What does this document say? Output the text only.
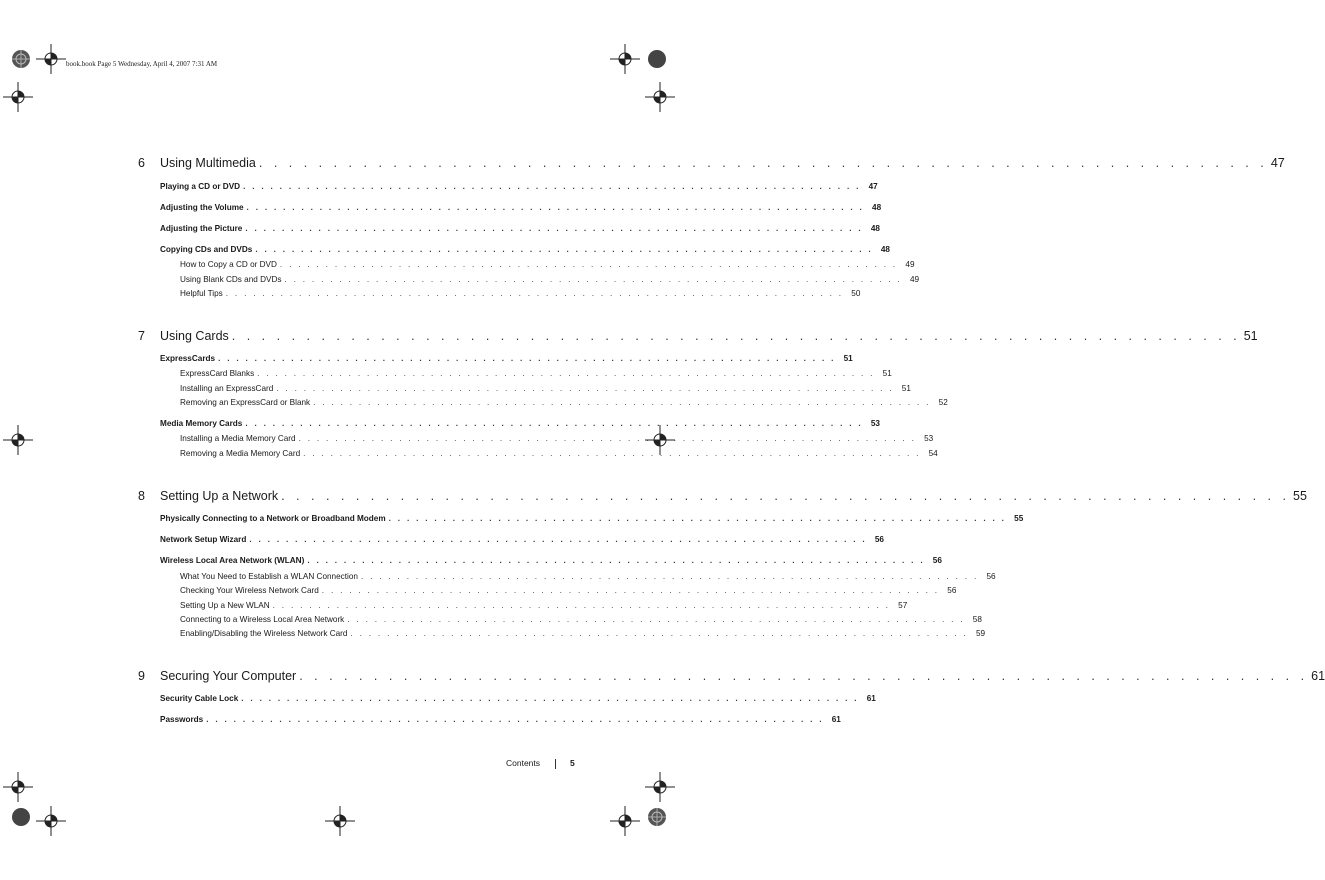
book.book Page 5 Wednesday, April 4, 2007 7:31 AM
6	Using Multimedia . . . . . . . . . . . . . . . . . . . . . . . . . . . . . . . . . . . . . . . . . . . . . . . . . . . . . . . . . . . . . . . . . . . . 47
Playing a CD or DVD . . . . . . . . . . . . . . . . . . . . . . . . . . . . . . . . . . . . . . . . . . . . . . . . . . . . . . . . . . . . . . . . . . . . 47
Adjusting the Volume . . . . . . . . . . . . . . . . . . . . . . . . . . . . . . . . . . . . . . . . . . . . . . . . . . . . . . . . . . . . . . . . . . . . 48
Adjusting the Picture . . . . . . . . . . . . . . . . . . . . . . . . . . . . . . . . . . . . . . . . . . . . . . . . . . . . . . . . . . . . . . . . . . . . 48
Copying CDs and DVDs . . . . . . . . . . . . . . . . . . . . . . . . . . . . . . . . . . . . . . . . . . . . . . . . . . . . . . . . . . . . . . . . . . . . 48
How to Copy a CD or DVD . . . . . . . . . . . . . . . . . . . . . . . . . . . . . . . . . . . . . . . . . . . . . . . . . . . . . . . . . . . . . . . . . . . . 49
Using Blank CDs and DVDs . . . . . . . . . . . . . . . . . . . . . . . . . . . . . . . . . . . . . . . . . . . . . . . . . . . . . . . . . . . . . . . . . . . . 49
Helpful Tips . . . . . . . . . . . . . . . . . . . . . . . . . . . . . . . . . . . . . . . . . . . . . . . . . . . . . . . . . . . . . . . . . . . . 50
7	Using Cards . . . . . . . . . . . . . . . . . . . . . . . . . . . . . . . . . . . . . . . . . . . . . . . . . . . . . . . . . . . . . . . . . . . . 51
ExpressCards . . . . . . . . . . . . . . . . . . . . . . . . . . . . . . . . . . . . . . . . . . . . . . . . . . . . . . . . . . . . . . . . . . . . 51
ExpressCard Blanks . . . . . . . . . . . . . . . . . . . . . . . . . . . . . . . . . . . . . . . . . . . . . . . . . . . . . . . . . . . . . . . . . . . . 51
Installing an ExpressCard . . . . . . . . . . . . . . . . . . . . . . . . . . . . . . . . . . . . . . . . . . . . . . . . . . . . . . . . . . . . . . . . . . . . 51
Removing an ExpressCard or Blank . . . . . . . . . . . . . . . . . . . . . . . . . . . . . . . . . . . . . . . . . . . . . . . . . . . . . . . . . . . . . . . . . . . . 52
Media Memory Cards . . . . . . . . . . . . . . . . . . . . . . . . . . . . . . . . . . . . . . . . . . . . . . . . . . . . . . . . . . . . . . . . . . . . 53
Installing a Media Memory Card . . . . . . . . . . . . . . . . . . . . . . . . . . . . . . . . . . . . . . . . . . . . . . . . . . . . . . . . . . . . . . . . . . . . 53
Removing a Media Memory Card . . . . . . . . . . . . . . . . . . . . . . . . . . . . . . . . . . . . . . . . . . . . . . . . . . . . . . . . . . . . . . . . . . . . 54
8	Setting Up a Network . . . . . . . . . . . . . . . . . . . . . . . . . . . . . . . . . . . . . . . . . . . . . . . . . . . . . . . . . . . . . . . . . . . . 55
Physically Connecting to a Network or Broadband Modem . . . . . . . . . . . . . . . . . . . . . . . . . . . . . . . . . . . . . . . . . . . . . . . . . . . . . . . . . . . . . . . . . . . . 55
Network Setup Wizard . . . . . . . . . . . . . . . . . . . . . . . . . . . . . . . . . . . . . . . . . . . . . . . . . . . . . . . . . . . . . . . . . . . . 56
Wireless Local Area Network (WLAN) . . . . . . . . . . . . . . . . . . . . . . . . . . . . . . . . . . . . . . . . . . . . . . . . . . . . . . . . . . . . . . . . . . . . 56
What You Need to Establish a WLAN Connection . . . . . . . . . . . . . . . . . . . . . . . . . . . . . . . . . . . . . . . . . . . . . . . . . . . . . . . . . . . . . . . . . . . . 56
Checking Your Wireless Network Card . . . . . . . . . . . . . . . . . . . . . . . . . . . . . . . . . . . . . . . . . . . . . . . . . . . . . . . . . . . . . . . . . . . . 56
Setting Up a New WLAN . . . . . . . . . . . . . . . . . . . . . . . . . . . . . . . . . . . . . . . . . . . . . . . . . . . . . . . . . . . . . . . . . . . . 57
Connecting to a Wireless Local Area Network . . . . . . . . . . . . . . . . . . . . . . . . . . . . . . . . . . . . . . . . . . . . . . . . . . . . . . . . . . . . . . . . . . . . 58
Enabling/Disabling the Wireless Network Card . . . . . . . . . . . . . . . . . . . . . . . . . . . . . . . . . . . . . . . . . . . . . . . . . . . . . . . . . . . . . . . . . . . . 59
9	Securing Your Computer . . . . . . . . . . . . . . . . . . . . . . . . . . . . . . . . . . . . . . . . . . . . . . . . . . . . . . . . . . . . . . . . . . . . 61
Security Cable Lock . . . . . . . . . . . . . . . . . . . . . . . . . . . . . . . . . . . . . . . . . . . . . . . . . . . . . . . . . . . . . . . . . . . . 61
Passwords . . . . . . . . . . . . . . . . . . . . . . . . . . . . . . . . . . . . . . . . . . . . . . . . . . . . . . . . . . . . . . . . . . . . 61
Contents	5
